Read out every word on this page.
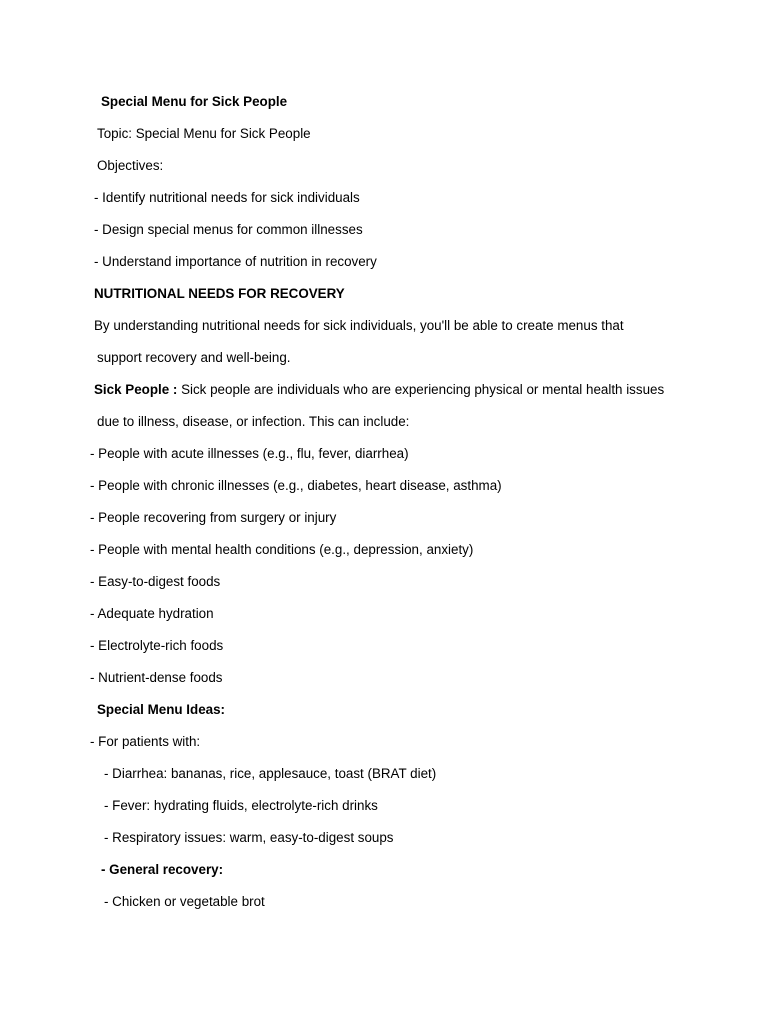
Special Menu for Sick People
Topic: Special Menu for Sick People
Objectives:
- Identify nutritional needs for sick individuals
- Design special menus for common illnesses
- Understand importance of nutrition in recovery
NUTRITIONAL NEEDS FOR RECOVERY
By understanding nutritional needs for sick individuals, you'll be able to create menus that
support recovery and well-being.
Sick People : Sick people are individuals who are experiencing physical or mental health issues
due to illness, disease, or infection. This can include:
- People with acute illnesses (e.g., flu, fever, diarrhea)
- People with chronic illnesses (e.g., diabetes, heart disease, asthma)
- People recovering from surgery or injury
- People with mental health conditions (e.g., depression, anxiety)
- Easy-to-digest foods
- Adequate hydration
- Electrolyte-rich foods
- Nutrient-dense foods
Special Menu Ideas:
- For patients with:
- Diarrhea: bananas, rice, applesauce, toast (BRAT diet)
- Fever: hydrating fluids, electrolyte-rich drinks
- Respiratory issues: warm, easy-to-digest soups
- General recovery:
- Chicken or vegetable brot
